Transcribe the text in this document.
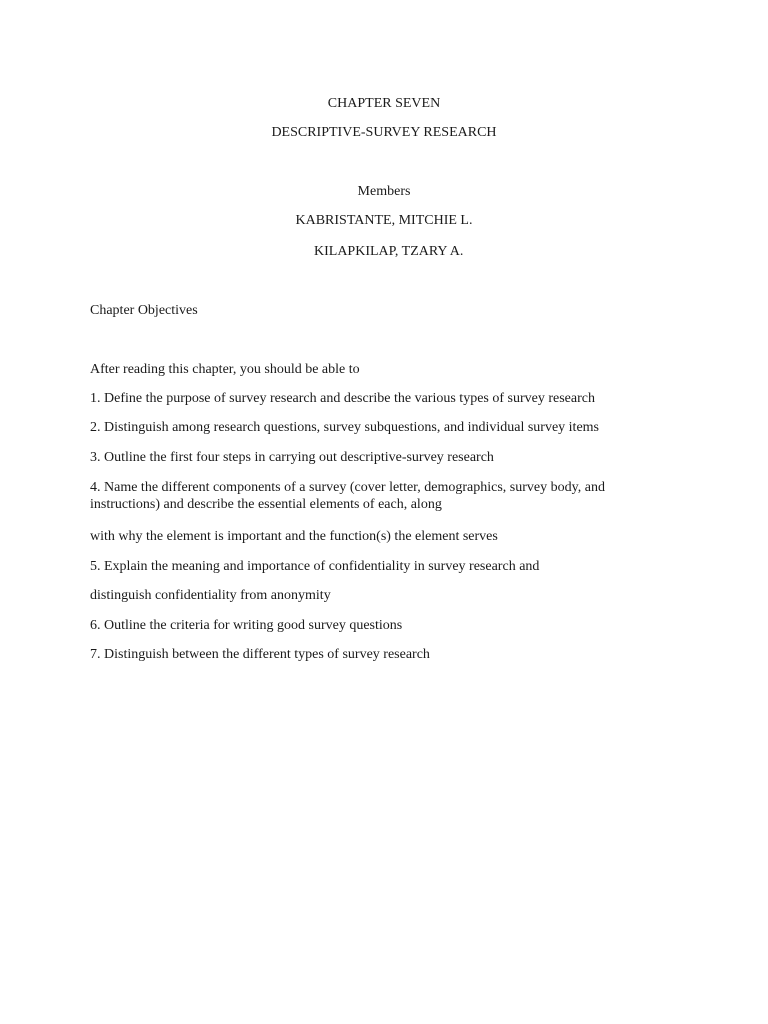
CHAPTER SEVEN
DESCRIPTIVE-SURVEY RESEARCH
Members
KABRISTANTE, MITCHIE L.
KILAPKILAP, TZARY A.
Chapter Objectives
After reading this chapter, you should be able to
1. Define the purpose of survey research and describe the various types of survey research
2. Distinguish among research questions, survey subquestions, and individual survey items
3. Outline the first four steps in carrying out descriptive-survey research
4. Name the different components of a survey (cover letter, demographics, survey body, and instructions) and describe the essential elements of each, along
with why the element is important and the function(s) the element serves
5. Explain the meaning and importance of confidentiality in survey research and
distinguish confidentiality from anonymity
6. Outline the criteria for writing good survey questions
7. Distinguish between the different types of survey research
